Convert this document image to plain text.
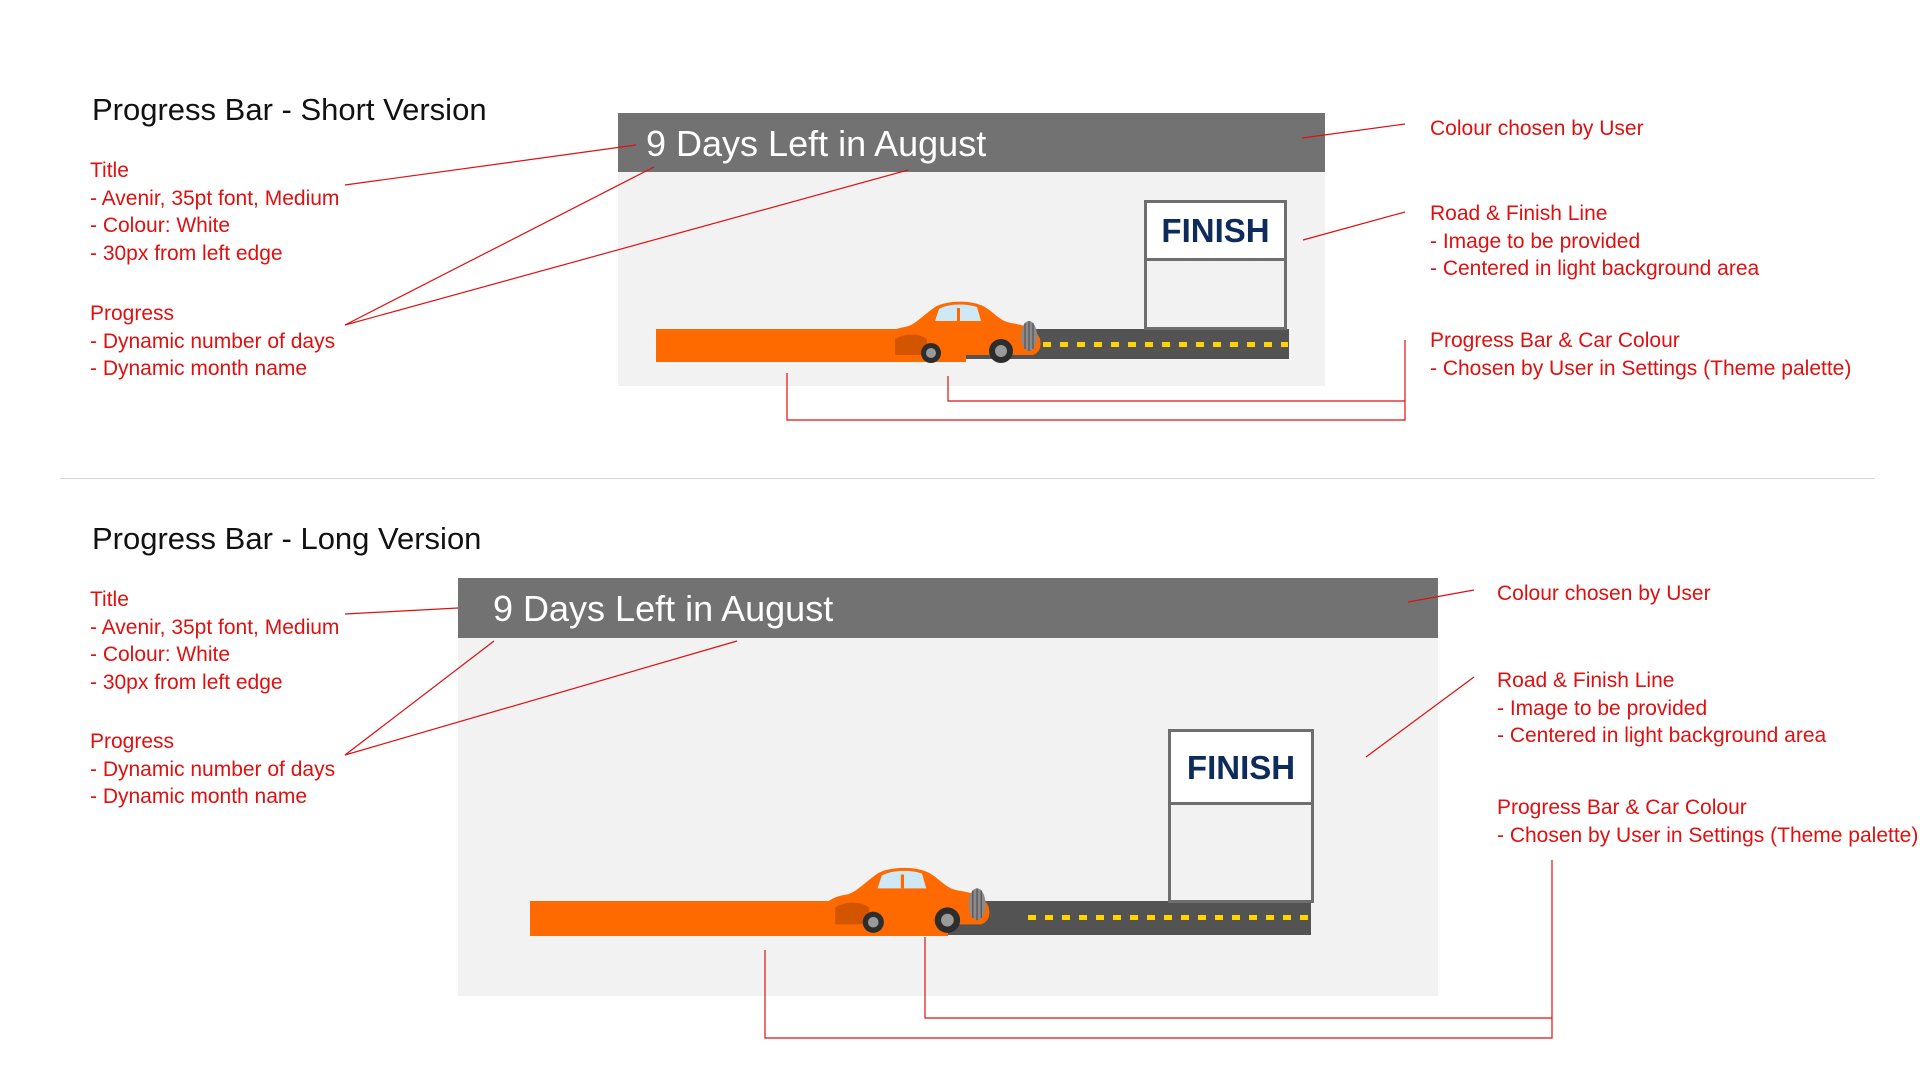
Progress Bar - Short Version
Title
- Avenir, 35pt font, Medium
- Colour: White
- 30px from left edge
Progress
- Dynamic number of days
- Dynamic month name
9 Days Left in August
FINISH
Colour chosen by User
Road & Finish Line
- Image to be provided
- Centered in light background area
Progress Bar & Car Colour
- Chosen by User in Settings (Theme palette)
Progress Bar - Long Version
Title
- Avenir, 35pt font, Medium
- Colour: White
- 30px from left edge
Progress
- Dynamic number of days
- Dynamic month name
9 Days Left in August
FINISH
Colour chosen by User
Road & Finish Line
- Image to be provided
- Centered in light background area
Progress Bar & Car Colour
- Chosen by User in Settings (Theme palette)
